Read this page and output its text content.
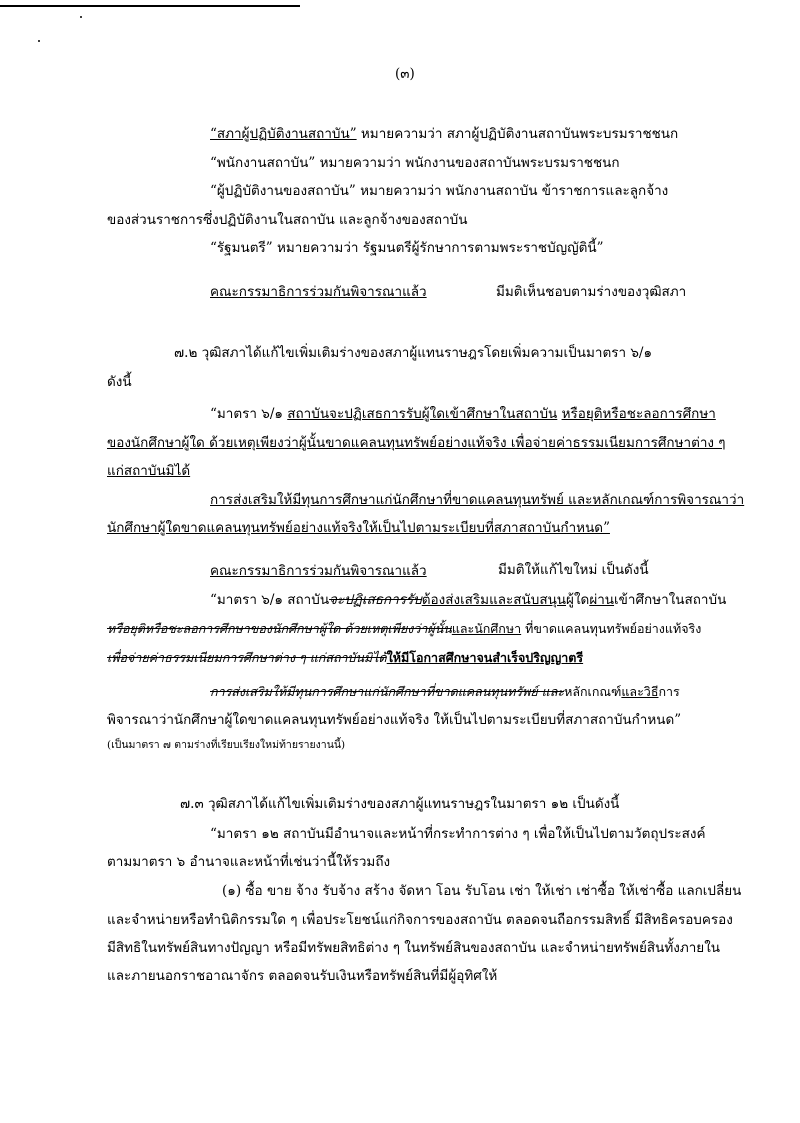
(๓)
“สภาผู้ปฏิบัติงานสถาบัน” หมายความว่า สภาผู้ปฏิบัติงานสถาบันพระบรมราชชนก
“พนักงานสถาบัน” หมายความว่า พนักงานของสถาบันพระบรมราชชนก
“ผู้ปฏิบัติงานของสถาบัน” หมายความว่า พนักงานสถาบัน ข้าราชการและลูกจ้าง
ของส่วนราชการซึ่งปฏิบัติงานในสถาบัน และลูกจ้างของสถาบัน
“รัฐมนตรี” หมายความว่า รัฐมนตรีผู้รักษาการตามพระราชบัญญัตินี้”
คณะกรรมาธิการร่วมกันพิจารณาแล้ว	มีมติเห็นชอบตามร่างของวุฒิสภา
๗.๒ วุฒิสภาได้แก้ไขเพิ่มเติมร่างของสภาผู้แทนราษฎรโดยเพิ่มความเป็นมาตรา ๖/๑
ดังนี้
“มาตรา ๖/๑ สถาบันจะปฏิเสธการรับผู้ใดเข้าศึกษาในสถาบัน หรือยุติหรือชะลอการศึกษา
ของนักศึกษาผู้ใด ด้วยเหตุเพียงว่าผู้นั้นขาดแคลนทุนทรัพย์อย่างแท้จริง เพื่อจ่ายค่าธรรมเนียมการศึกษาต่าง ๆ
แก่สถาบันมิได้
การส่งเสริมให้มีทุนการศึกษาแก่นักศึกษาที่ขาดแคลนทุนทรัพย์ และหลักเกณฑ์การพิจารณาว่า
นักศึกษาผู้ใดขาดแคลนทุนทรัพย์อย่างแท้จริงให้เป็นไปตามระเบียบที่สภาสถาบันกำหนด”
คณะกรรมาธิการร่วมกันพิจารณาแล้ว	มีมติให้แก้ไขใหม่ เป็นดังนี้
“มาตรา ๖/๑ สถาบันจะปฏิเสธการรับต้องส่งเสริมและสนับสนุนผู้ใดผ่านเข้าศึกษาในสถาบัน
หรือยุติหรือชะลอการศึกษาของนักศึกษาผู้ใด ด้วยเหตุเพียงว่าผู้นั้นและนักศึกษา ที่ขาดแคลนทุนทรัพย์อย่างแท้จริง
เพื่อจ่ายค่าธรรมเนียมการศึกษาต่าง ๆ แก่สถาบันมิได้ให้มีโอกาสศึกษาจนสำเร็จปริญญาตรี
การส่งเสริมให้มีทุนการศึกษาแก่นักศึกษาที่ขาดแคลนทุนทรัพย์ และหลักเกณฑ์และวิธีการ
พิจารณาว่านักศึกษาผู้ใดขาดแคลนทุนทรัพย์อย่างแท้จริง ให้เป็นไปตามระเบียบที่สภาสถาบันกำหนด”
(เป็นมาตรา ๗ ตามร่างที่เรียบเรียงใหม่ท้ายรายงานนี้)
๗.๓ วุฒิสภาได้แก้ไขเพิ่มเติมร่างของสภาผู้แทนราษฎรในมาตรา ๑๒ เป็นดังนี้
“มาตรา ๑๒ สถาบันมีอำนาจและหน้าที่กระทำการต่าง ๆ เพื่อให้เป็นไปตามวัตถุประสงค์
ตามมาตรา ๖ อำนาจและหน้าที่เช่นว่านี้ให้รวมถึง
(๑) ซื้อ ขาย จ้าง รับจ้าง สร้าง จัดหา โอน รับโอน เช่า ให้เช่า เช่าซื้อ ให้เช่าซื้อ แลกเปลี่ยน
และจำหน่ายหรือทำนิติกรรมใด ๆ เพื่อประโยชน์แก่กิจการของสถาบัน ตลอดจนถือกรรมสิทธิ์ มีสิทธิครอบครอง
มีสิทธิในทรัพย์สินทางปัญญา หรือมีทรัพยสิทธิต่าง ๆ ในทรัพย์สินของสถาบัน และจำหน่ายทรัพย์สินทั้งภายใน
และภายนอกราชอาณาจักร ตลอดจนรับเงินหรือทรัพย์สินที่มีผู้อุทิศให้
